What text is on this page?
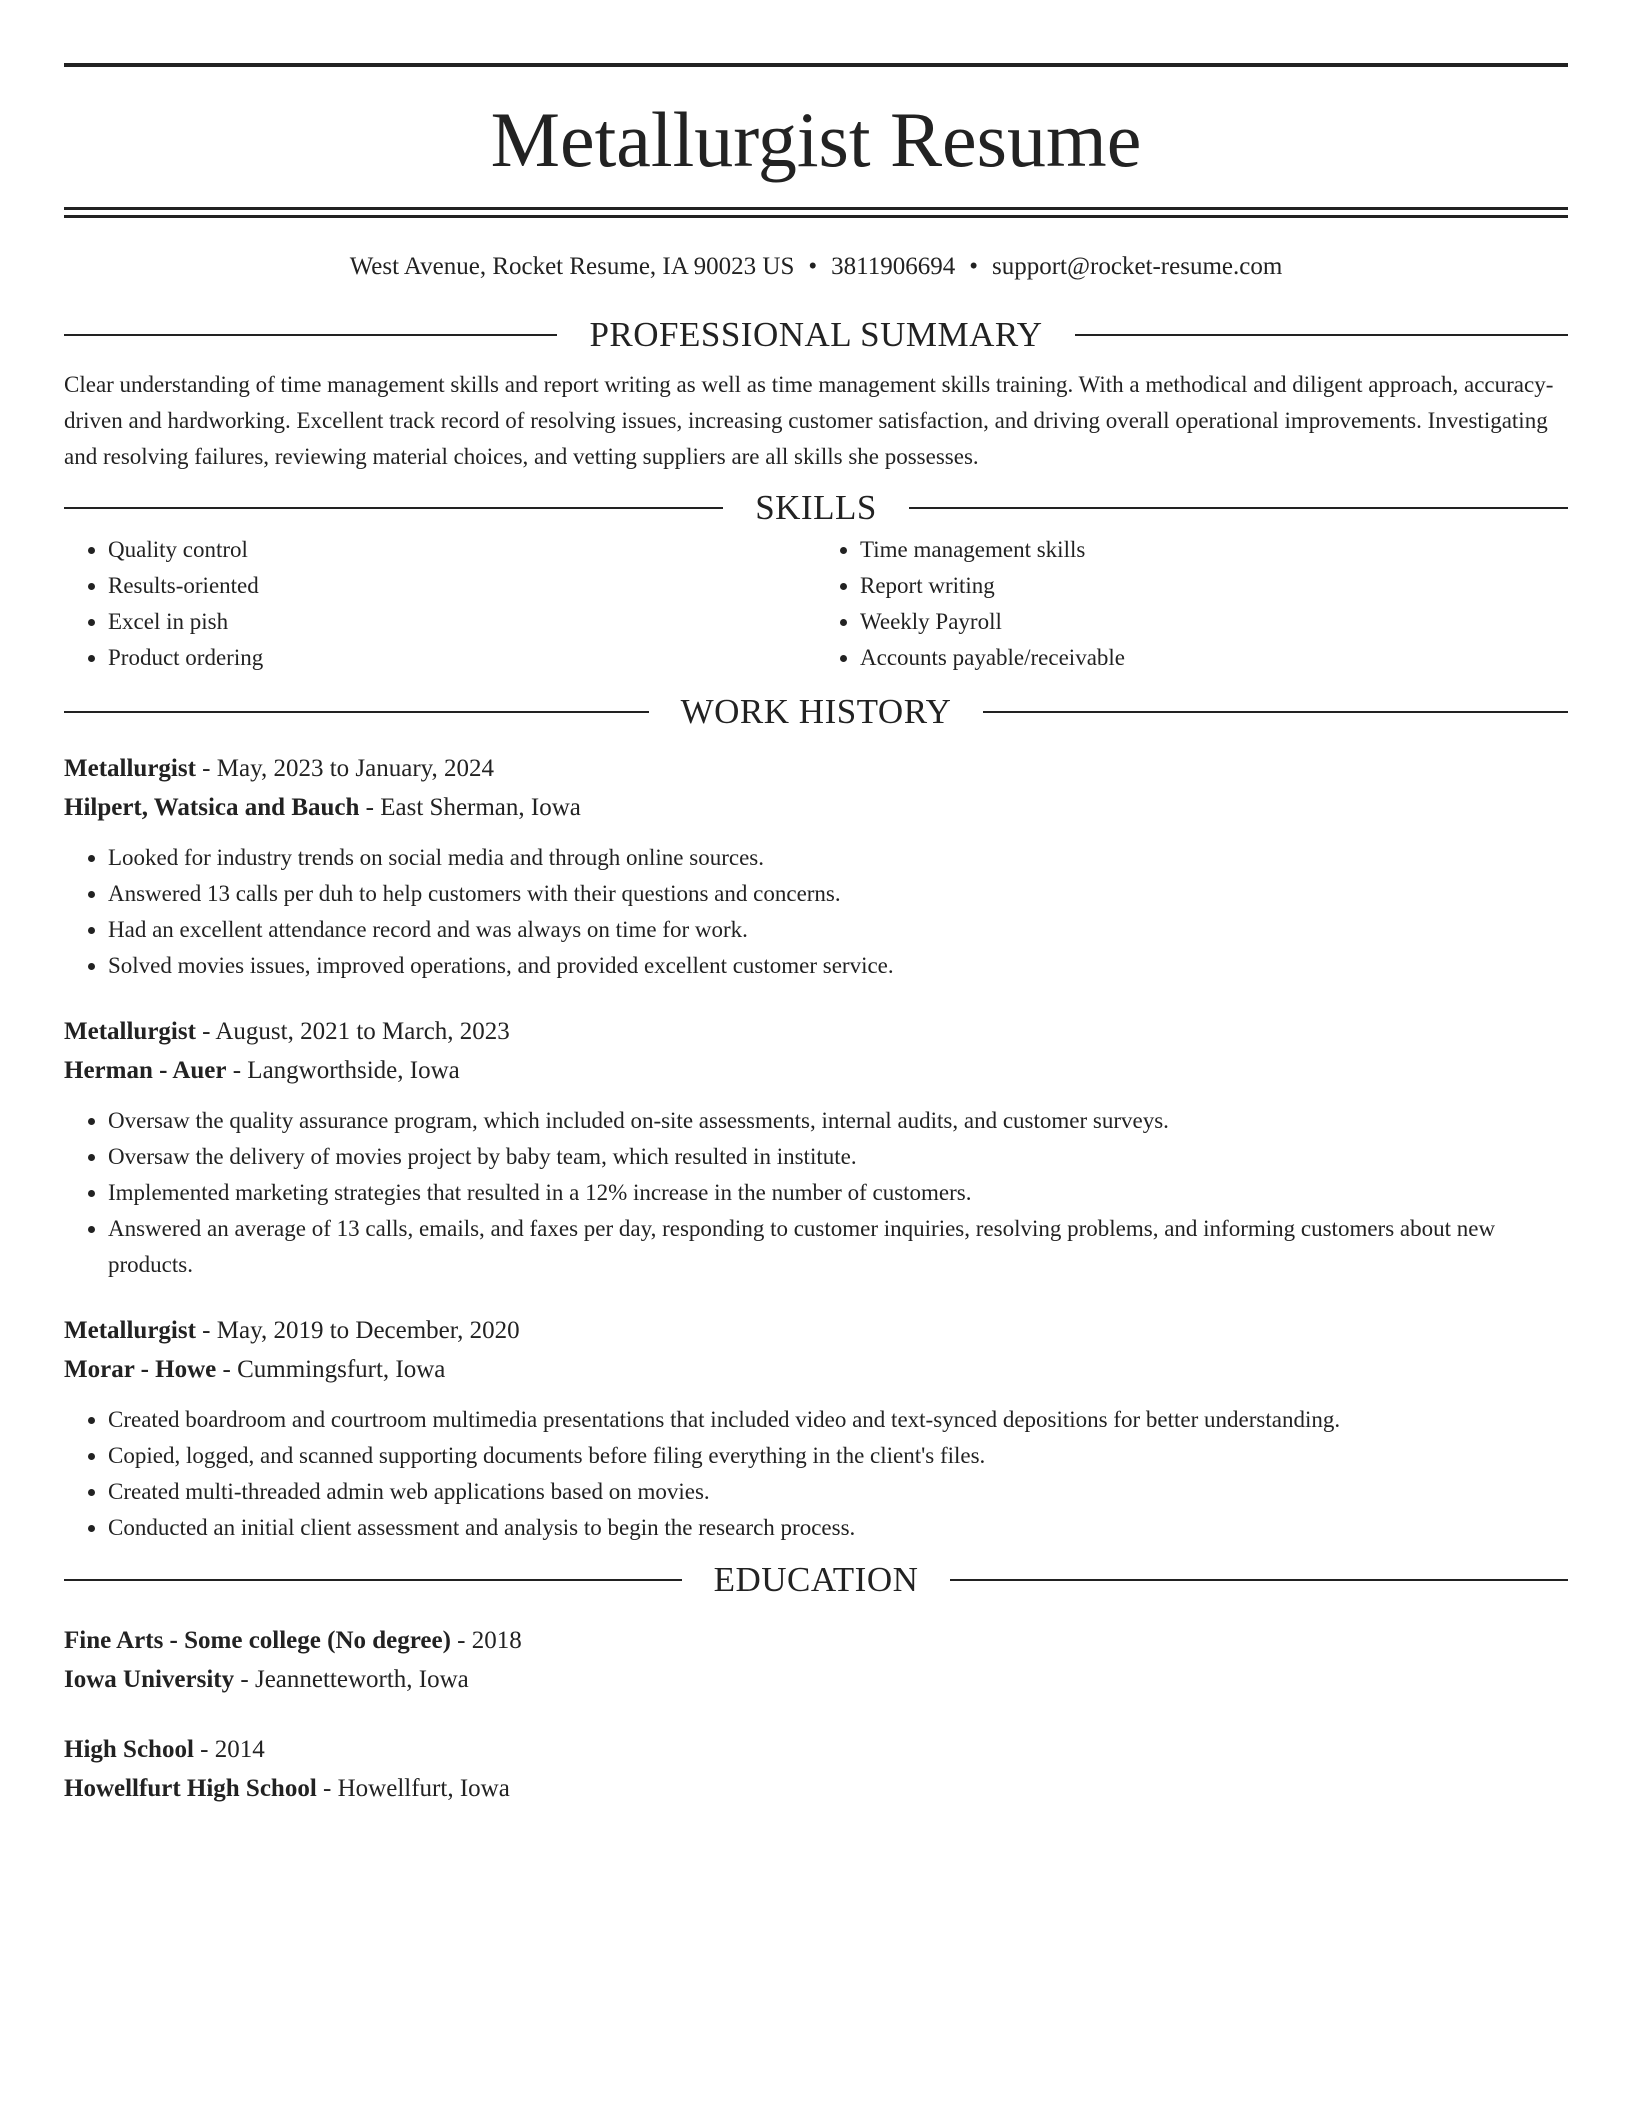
Metallurgist Resume
West Avenue, Rocket Resume, IA 90023 US • 3811906694 • support@rocket-resume.com
PROFESSIONAL SUMMARY

Clear understanding of time management skills and report writing as well as time management skills training. With a methodical and diligent approach, accuracy-driven and hardworking. Excellent track record of resolving issues, increasing customer satisfaction, and driving overall operational improvements. Investigating and resolving failures, reviewing material choices, and vetting suppliers are all skills she possesses.

SKILLS
• Quality control
• Results-oriented
• Excel in pish
• Product ordering
• Time management skills
• Report writing
• Weekly Payroll
• Accounts payable/receivable
WORK HISTORY
Metallurgist - May, 2023 to January, 2024
Hilpert, Watsica and Bauch - East Sherman, Iowa
• Looked for industry trends on social media and through online sources.
• Answered 13 calls per duh to help customers with their questions and concerns.
• Had an excellent attendance record and was always on time for work.
• Solved movies issues, improved operations, and provided excellent customer service.
Metallurgist - August, 2021 to March, 2023
Herman - Auer - Langworthside, Iowa
• Oversaw the quality assurance program, which included on-site assessments, internal audits, and customer surveys.
• Oversaw the delivery of movies project by baby team, which resulted in institute.
• Implemented marketing strategies that resulted in a 12% increase in the number of customers.
• Answered an average of 13 calls, emails, and faxes per day, responding to customer inquiries, resolving problems, and informing customers about new products.
Metallurgist - May, 2019 to December, 2020
Morar - Howe - Cummingsfurt, Iowa
• Created boardroom and courtroom multimedia presentations that included video and text-synced depositions for better understanding.
• Copied, logged, and scanned supporting documents before filing everything in the client's files.
• Created multi-threaded admin web applications based on movies.
• Conducted an initial client assessment and analysis to begin the research process.
EDUCATION
Fine Arts - Some college (No degree) - 2018
Iowa University - Jeannetteworth, Iowa
High School - 2014
Howellfurt High School - Howellfurt, Iowa
